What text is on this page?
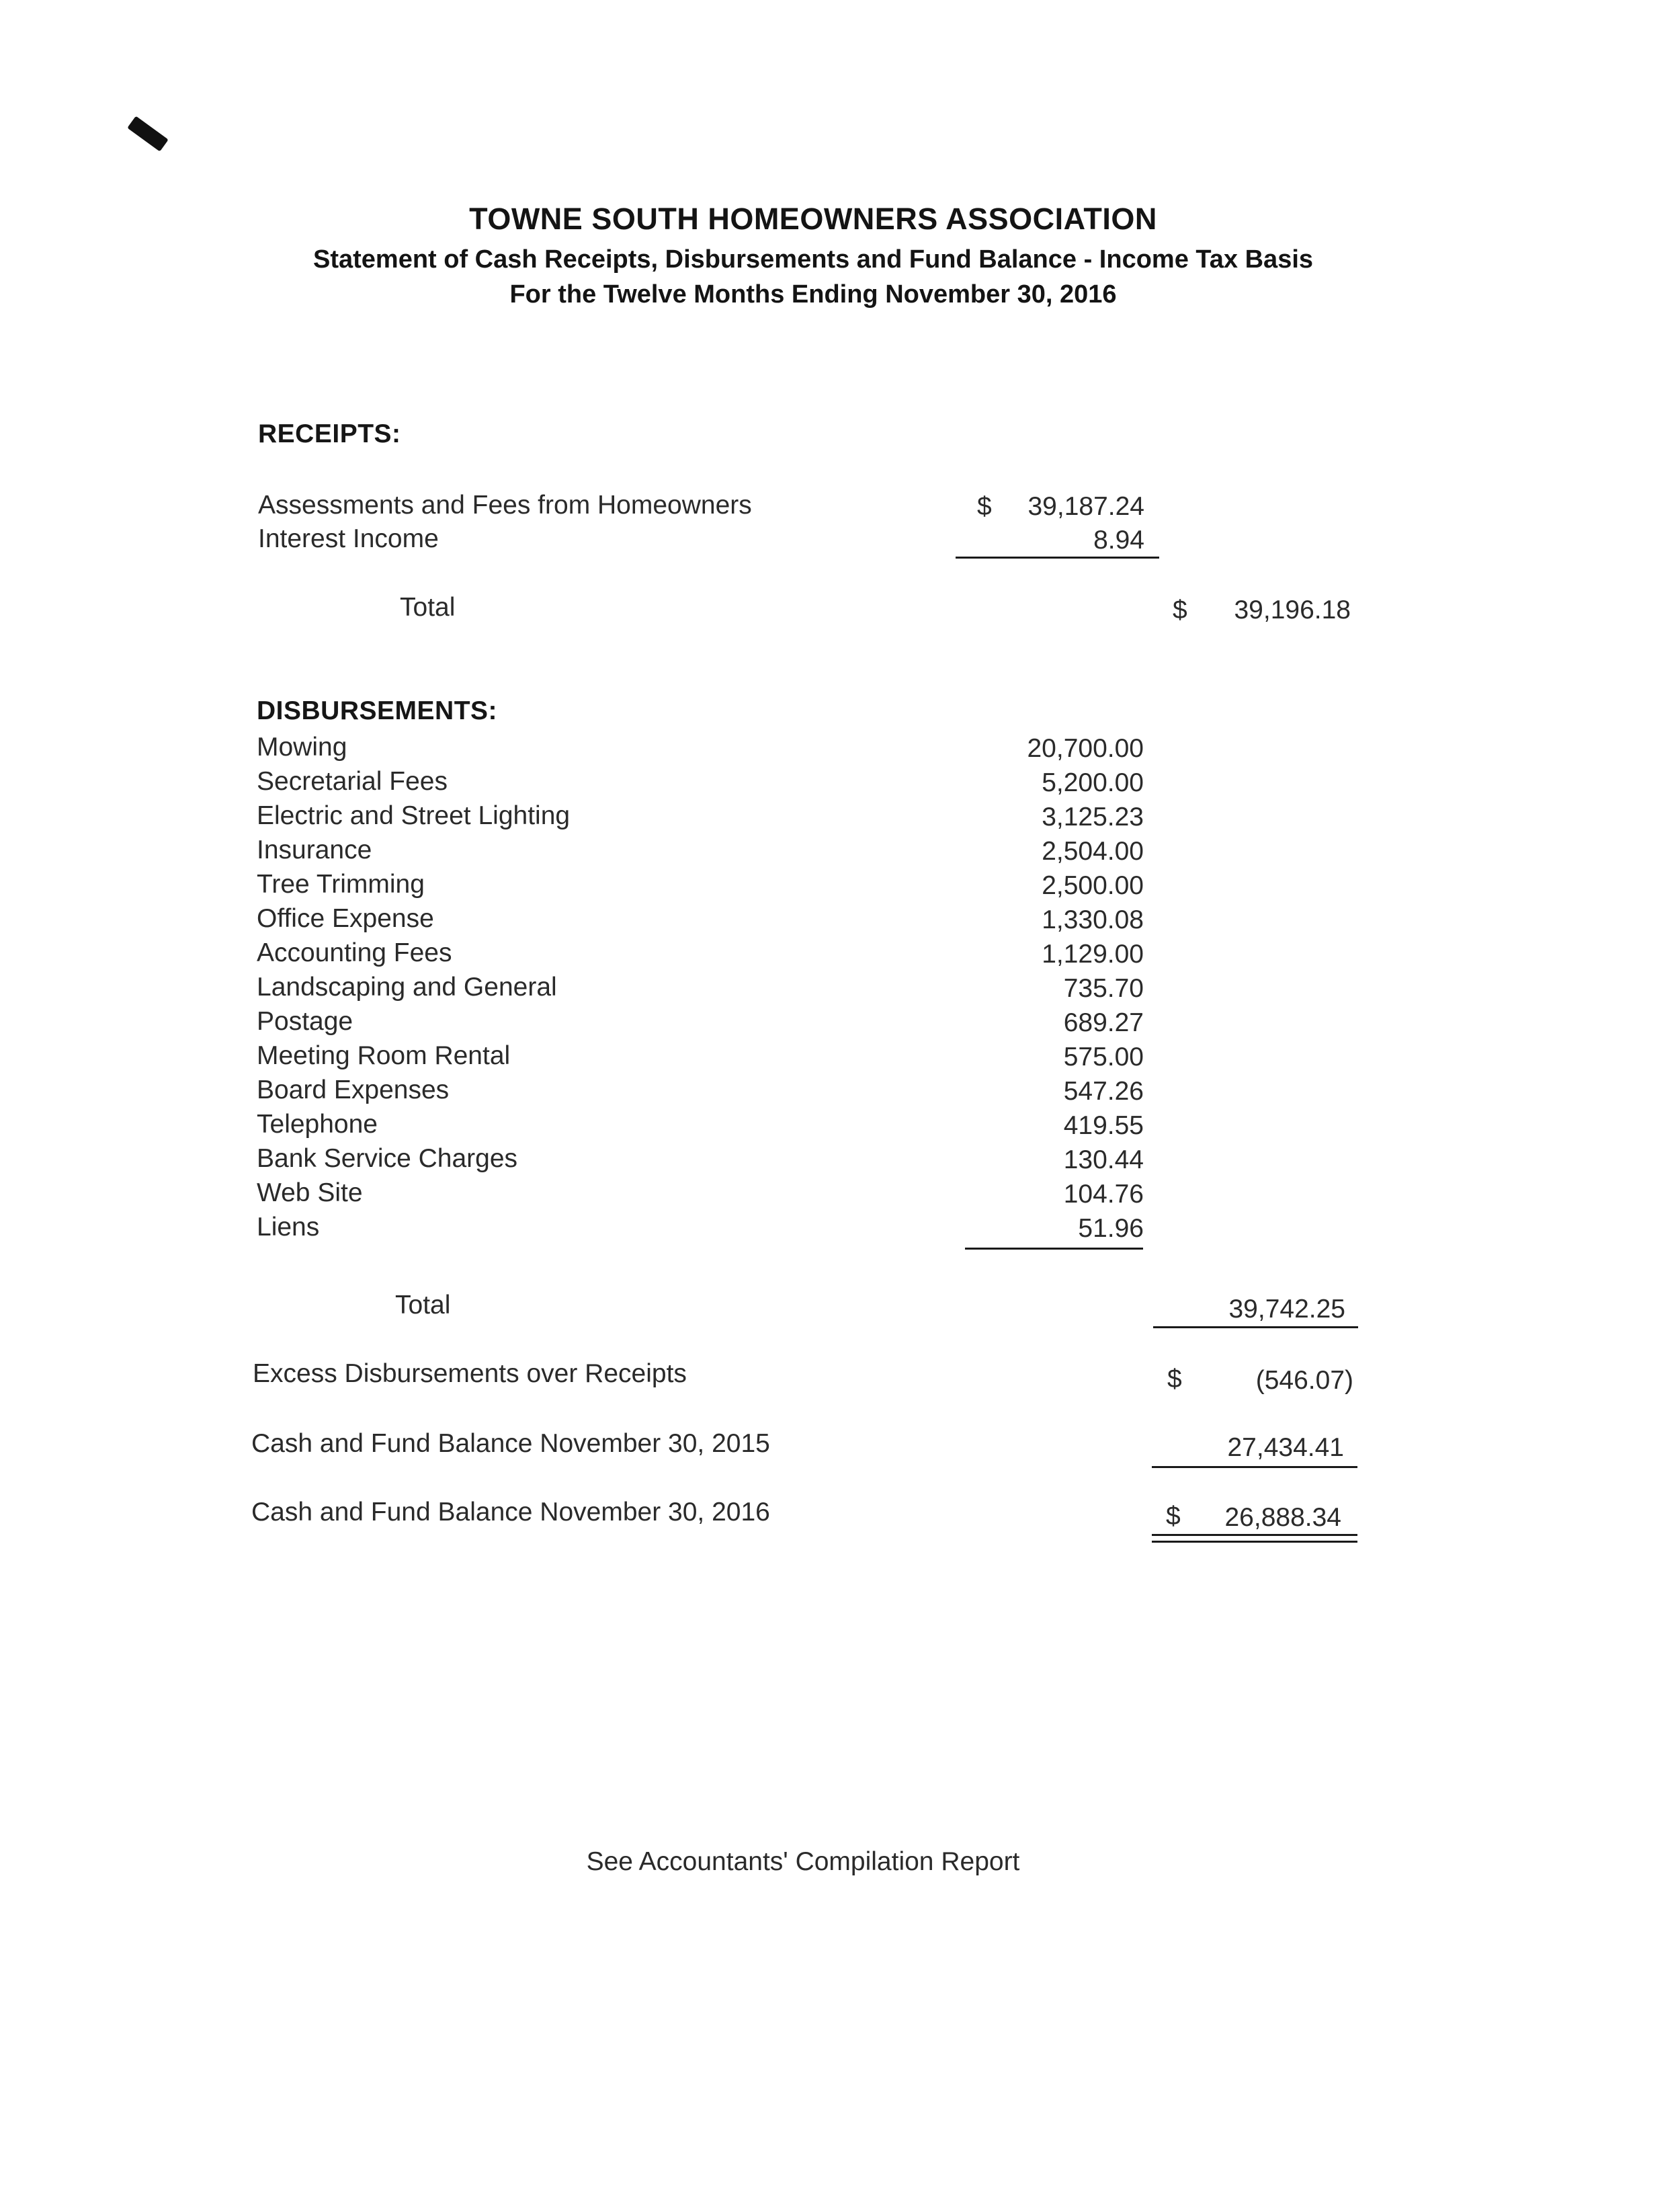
TOWNE SOUTH HOMEOWNERS ASSOCIATION
Statement of Cash Receipts, Disbursements and Fund Balance - Income Tax Basis
For the Twelve Months Ending November 30, 2016
RECEIPTS:
Assessments and Fees from Homeowners	$	39,187.24
Interest Income	8.94
Total	$	39,196.18
DISBURSEMENTS:
Mowing	20,700.00
Secretarial Fees	5,200.00
Electric and Street Lighting	3,125.23
Insurance	2,504.00
Tree Trimming	2,500.00
Office Expense	1,330.08
Accounting Fees	1,129.00
Landscaping and General	735.70
Postage	689.27
Meeting Room Rental	575.00
Board Expenses	547.26
Telephone	419.55
Bank Service Charges	130.44
Web Site	104.76
Liens	51.96
Total	39,742.25
Excess Disbursements over Receipts	$	(546.07)
Cash and Fund Balance November 30, 2015	27,434.41
Cash and Fund Balance November 30, 2016	$	26,888.34
See Accountants' Compilation Report
